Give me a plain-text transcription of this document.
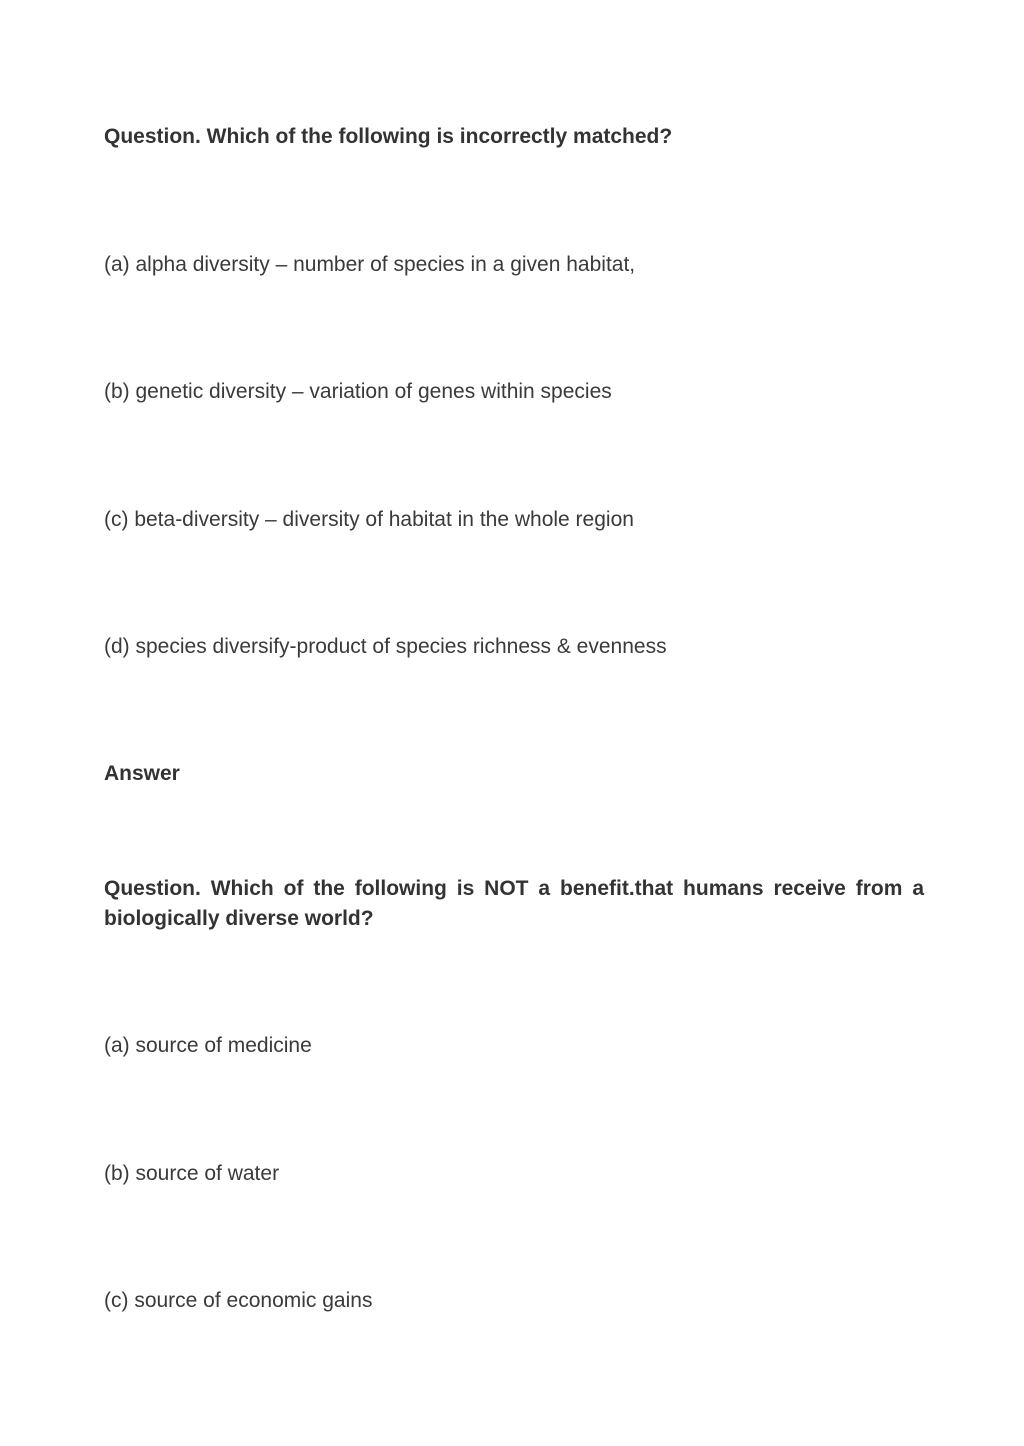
Question. Which of the following is incorrectly matched?

(a) alpha diversity – number of species in a given habitat,

(b) genetic diversity – variation of genes within species

(c) beta-diversity – diversity of habitat in the whole region

(d) species diversify-product of species richness & evenness

Answer

Question. Which of the following is NOT a benefit.that humans receive from a biologically diverse world?

(a) source of medicine

(b) source of water

(c) source of economic gains
